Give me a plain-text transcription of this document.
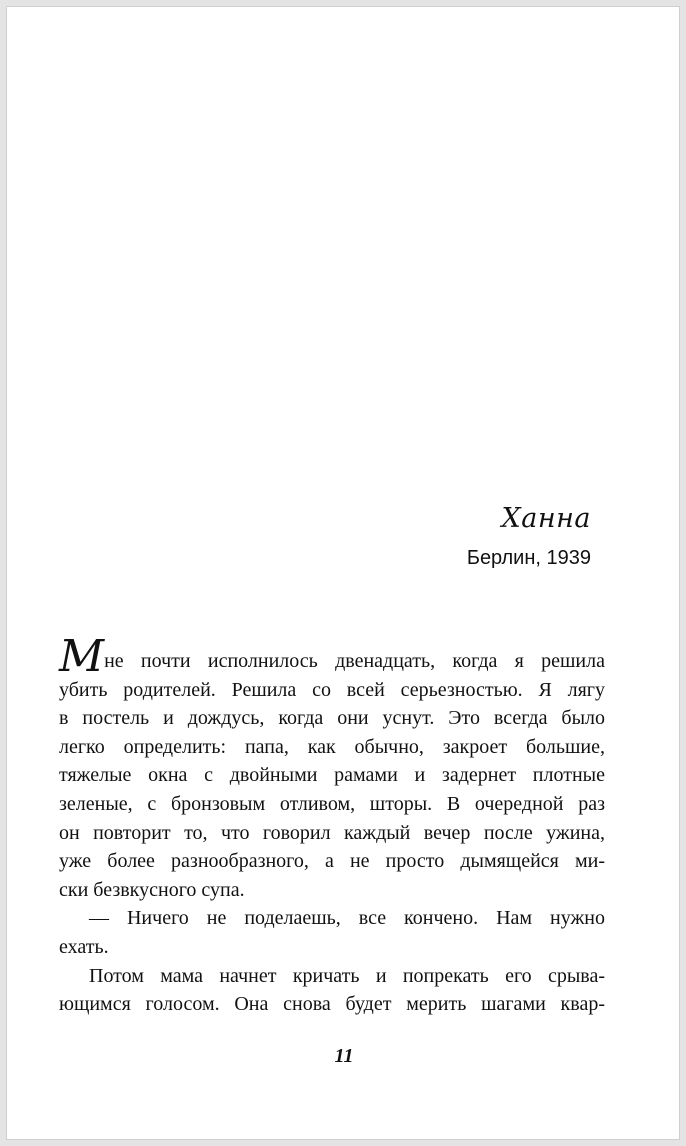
Ханна
Берлин, 1939
Мне почти исполнилось двенадцать, когда я решила
убить родителей. Решила со всей серьезностью. Я лягу
в постель и дождусь, когда они уснут. Это всегда было
легко определить: папа, как обычно, закроет большие,
тяжелые окна с двойными рамами и задернет плотные
зеленые, с бронзовым отливом, шторы. В очередной раз
он повторит то, что говорил каждый вечер после ужина,
уже более разнообразного, а не просто дымящейся ми-
ски безвкусного супа.
— Ничего не поделаешь, все кончено. Нам нужно
ехать.
Потом мама начнет кричать и попрекать его срыва-
ющимся голосом. Она снова будет мерить шагами квар-
11
